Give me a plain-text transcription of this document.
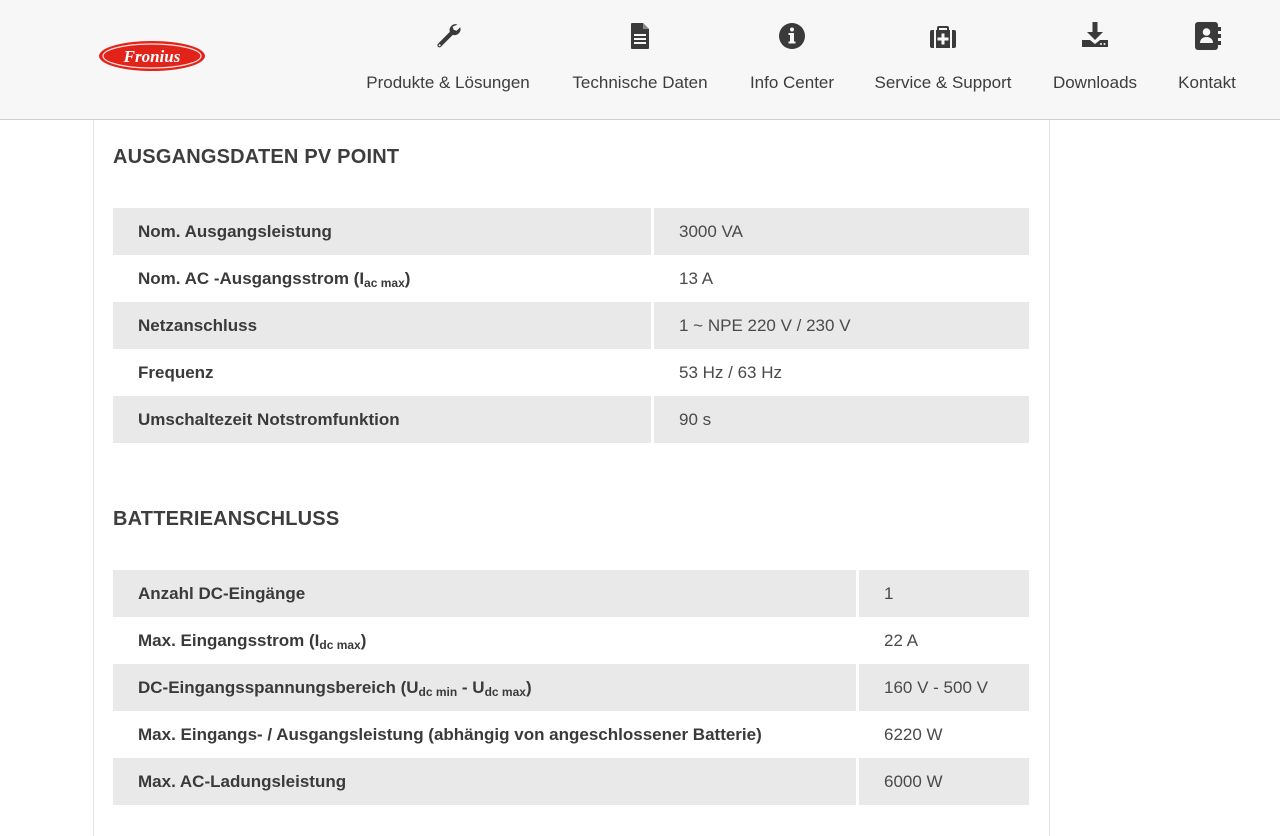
Fronius
Produkte & Lösungen	Technische Daten	Info Center	Service & Support	Downloads	Kontakt
AUSGANGSDATEN PV POINT
Nom. Ausgangsleistung	3000 VA
Nom. AC -Ausgangsstrom $(I_{ac max})$	13 A
Netzanschluss	1 ~ NPE 220 V / 230 V
Frequenz	53 Hz / 63 Hz
Umschaltezeit Notstromfunktion	90 s
BATTERIEANSCHLUSS
Anzahl DC-Eingänge	1
Max. Eingangsstrom $(I_{dc max})$	22 A
DC-Eingangsspannungsbereich $(U_{dc min} - U_{dc max})$	160 V - 500 V
Max. Eingangs- / Ausgangsleistung (abhängig von angeschlossener Batterie)	6220 W
Max. AC-Ladungsleistung	6000 W
